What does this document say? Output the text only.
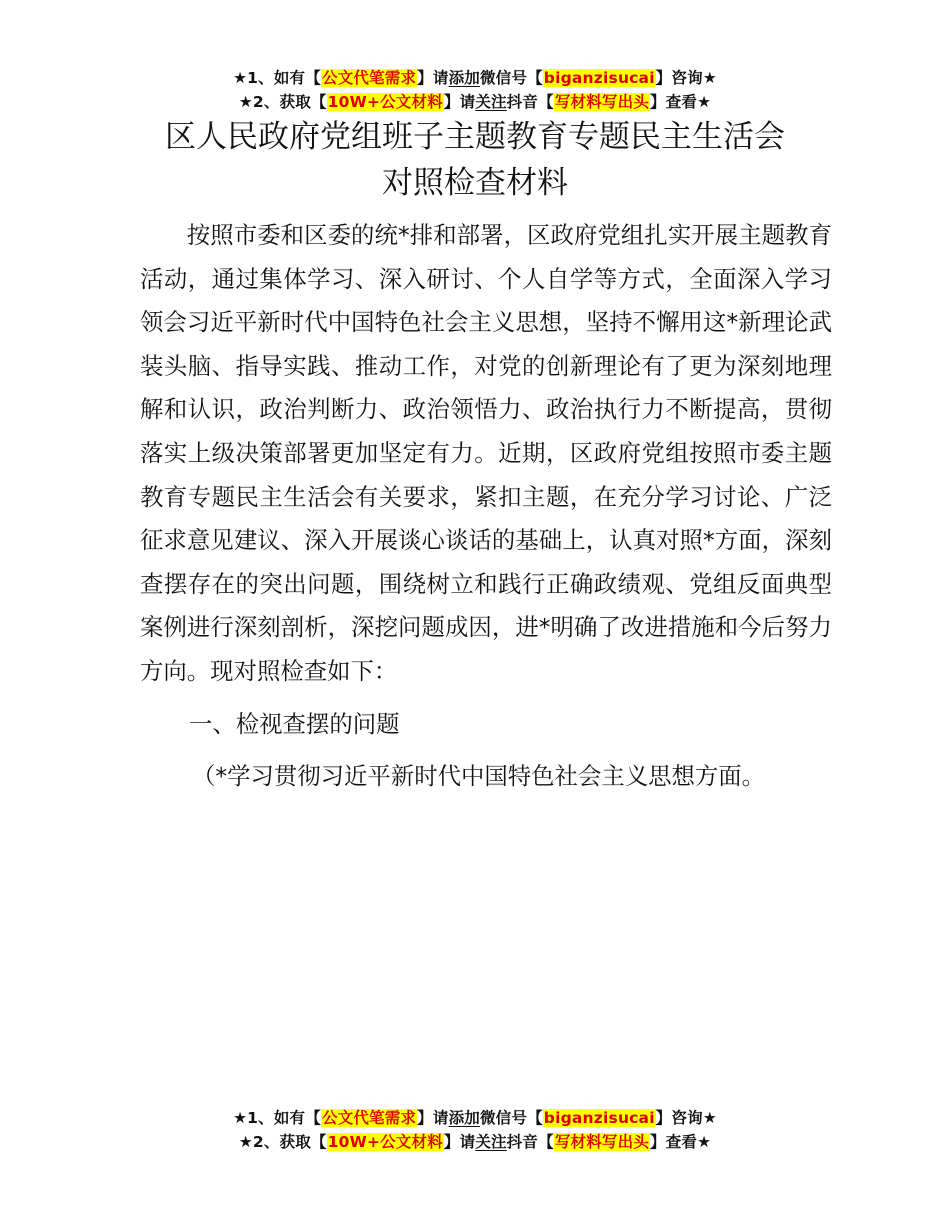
★1、如有【公文代笔需求】请添加微信号【biganzisucai】咨询★
★2、获取【10W+公文材料】请关注抖音【写材料写出头】查看★
区人民政府党组班子主题教育专题民主生活会
对照检查材料

按照市委和区委的统*排和部署，区政府党组扎实开展主题教育活动，通过集体学习、深入研讨、个人自学等方式，全面深入学习领会习近平新时代中国特色社会主义思想，坚持不懈用这*新理论武装头脑、指导实践、推动工作，对党的创新理论有了更为深刻地理解和认识，政治判断力、政治领悟力、政治执行力不断提高，贯彻落实上级决策部署更加坚定有力。近期，区政府党组按照市委主题教育专题民主生活会有关要求，紧扣主题，在充分学习讨论、广泛征求意见建议、深入开展谈心谈话的基础上，认真对照*方面，深刻查摆存在的突出问题，围绕树立和践行正确政绩观、党组反面典型案例进行深刻剖析，深挖问题成因，进*明确了改进措施和今后努力方向。现对照检查如下：

一、检视查摆的问题

（*学习贯彻习近平新时代中国特色社会主义思想方面。

★1、如有【公文代笔需求】请添加微信号【biganzisucai】咨询★
★2、获取【10W+公文材料】请关注抖音【写材料写出头】查看★
